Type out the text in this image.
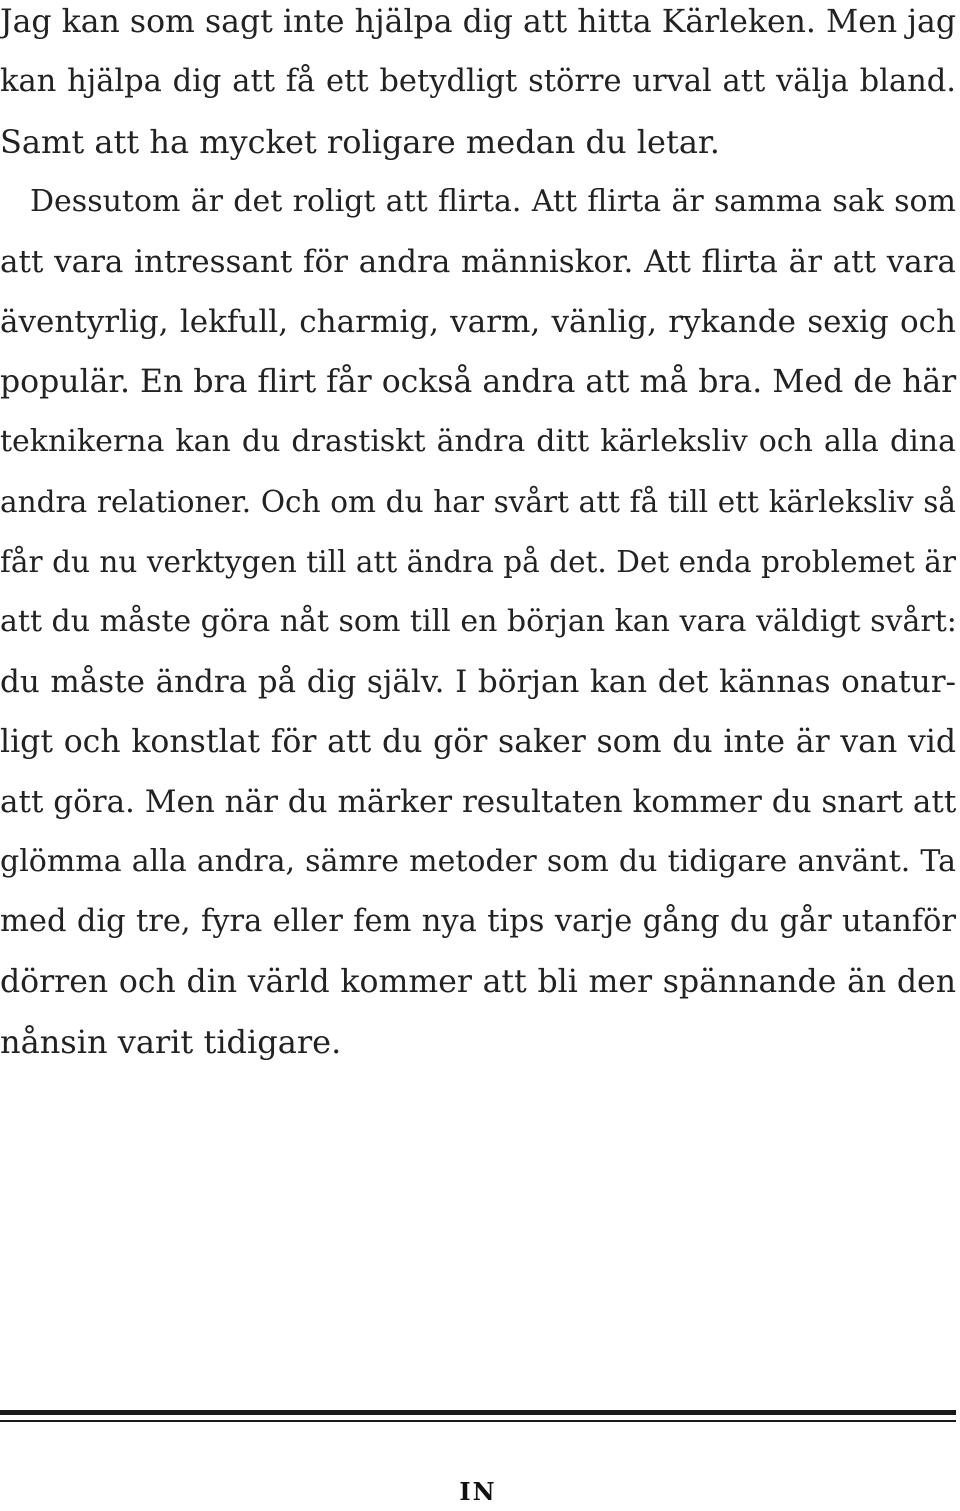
Jag kan som sagt inte hjälpa dig att hitta Kärleken. Men jag
kan hjälpa dig att få ett betydligt större urval att välja bland.
Samt att ha mycket roligare medan du letar.
Dessutom är det roligt att flirta. Att flirta är samma sak som
att vara intressant för andra människor. Att flirta är att vara
äventyrlig, lekfull, charmig, varm, vänlig, rykande sexig och
populär. En bra flirt får också andra att må bra. Med de här
teknikerna kan du drastiskt ändra ditt kärleksliv och alla dina
andra relationer. Och om du har svårt att få till ett kärleksliv så
får du nu verktygen till att ändra på det. Det enda problemet är
att du måste göra nåt som till en början kan vara väldigt svårt:
du måste ändra på dig själv. I början kan det kännas onatur-
ligt och konstlat för att du gör saker som du inte är van vid
att göra. Men när du märker resultaten kommer du snart att
glömma alla andra, sämre metoder som du tidigare använt. Ta
med dig tre, fyra eller fem nya tips varje gång du går utanför
dörren och din värld kommer att bli mer spännande än den
nånsin varit tidigare.
IN
